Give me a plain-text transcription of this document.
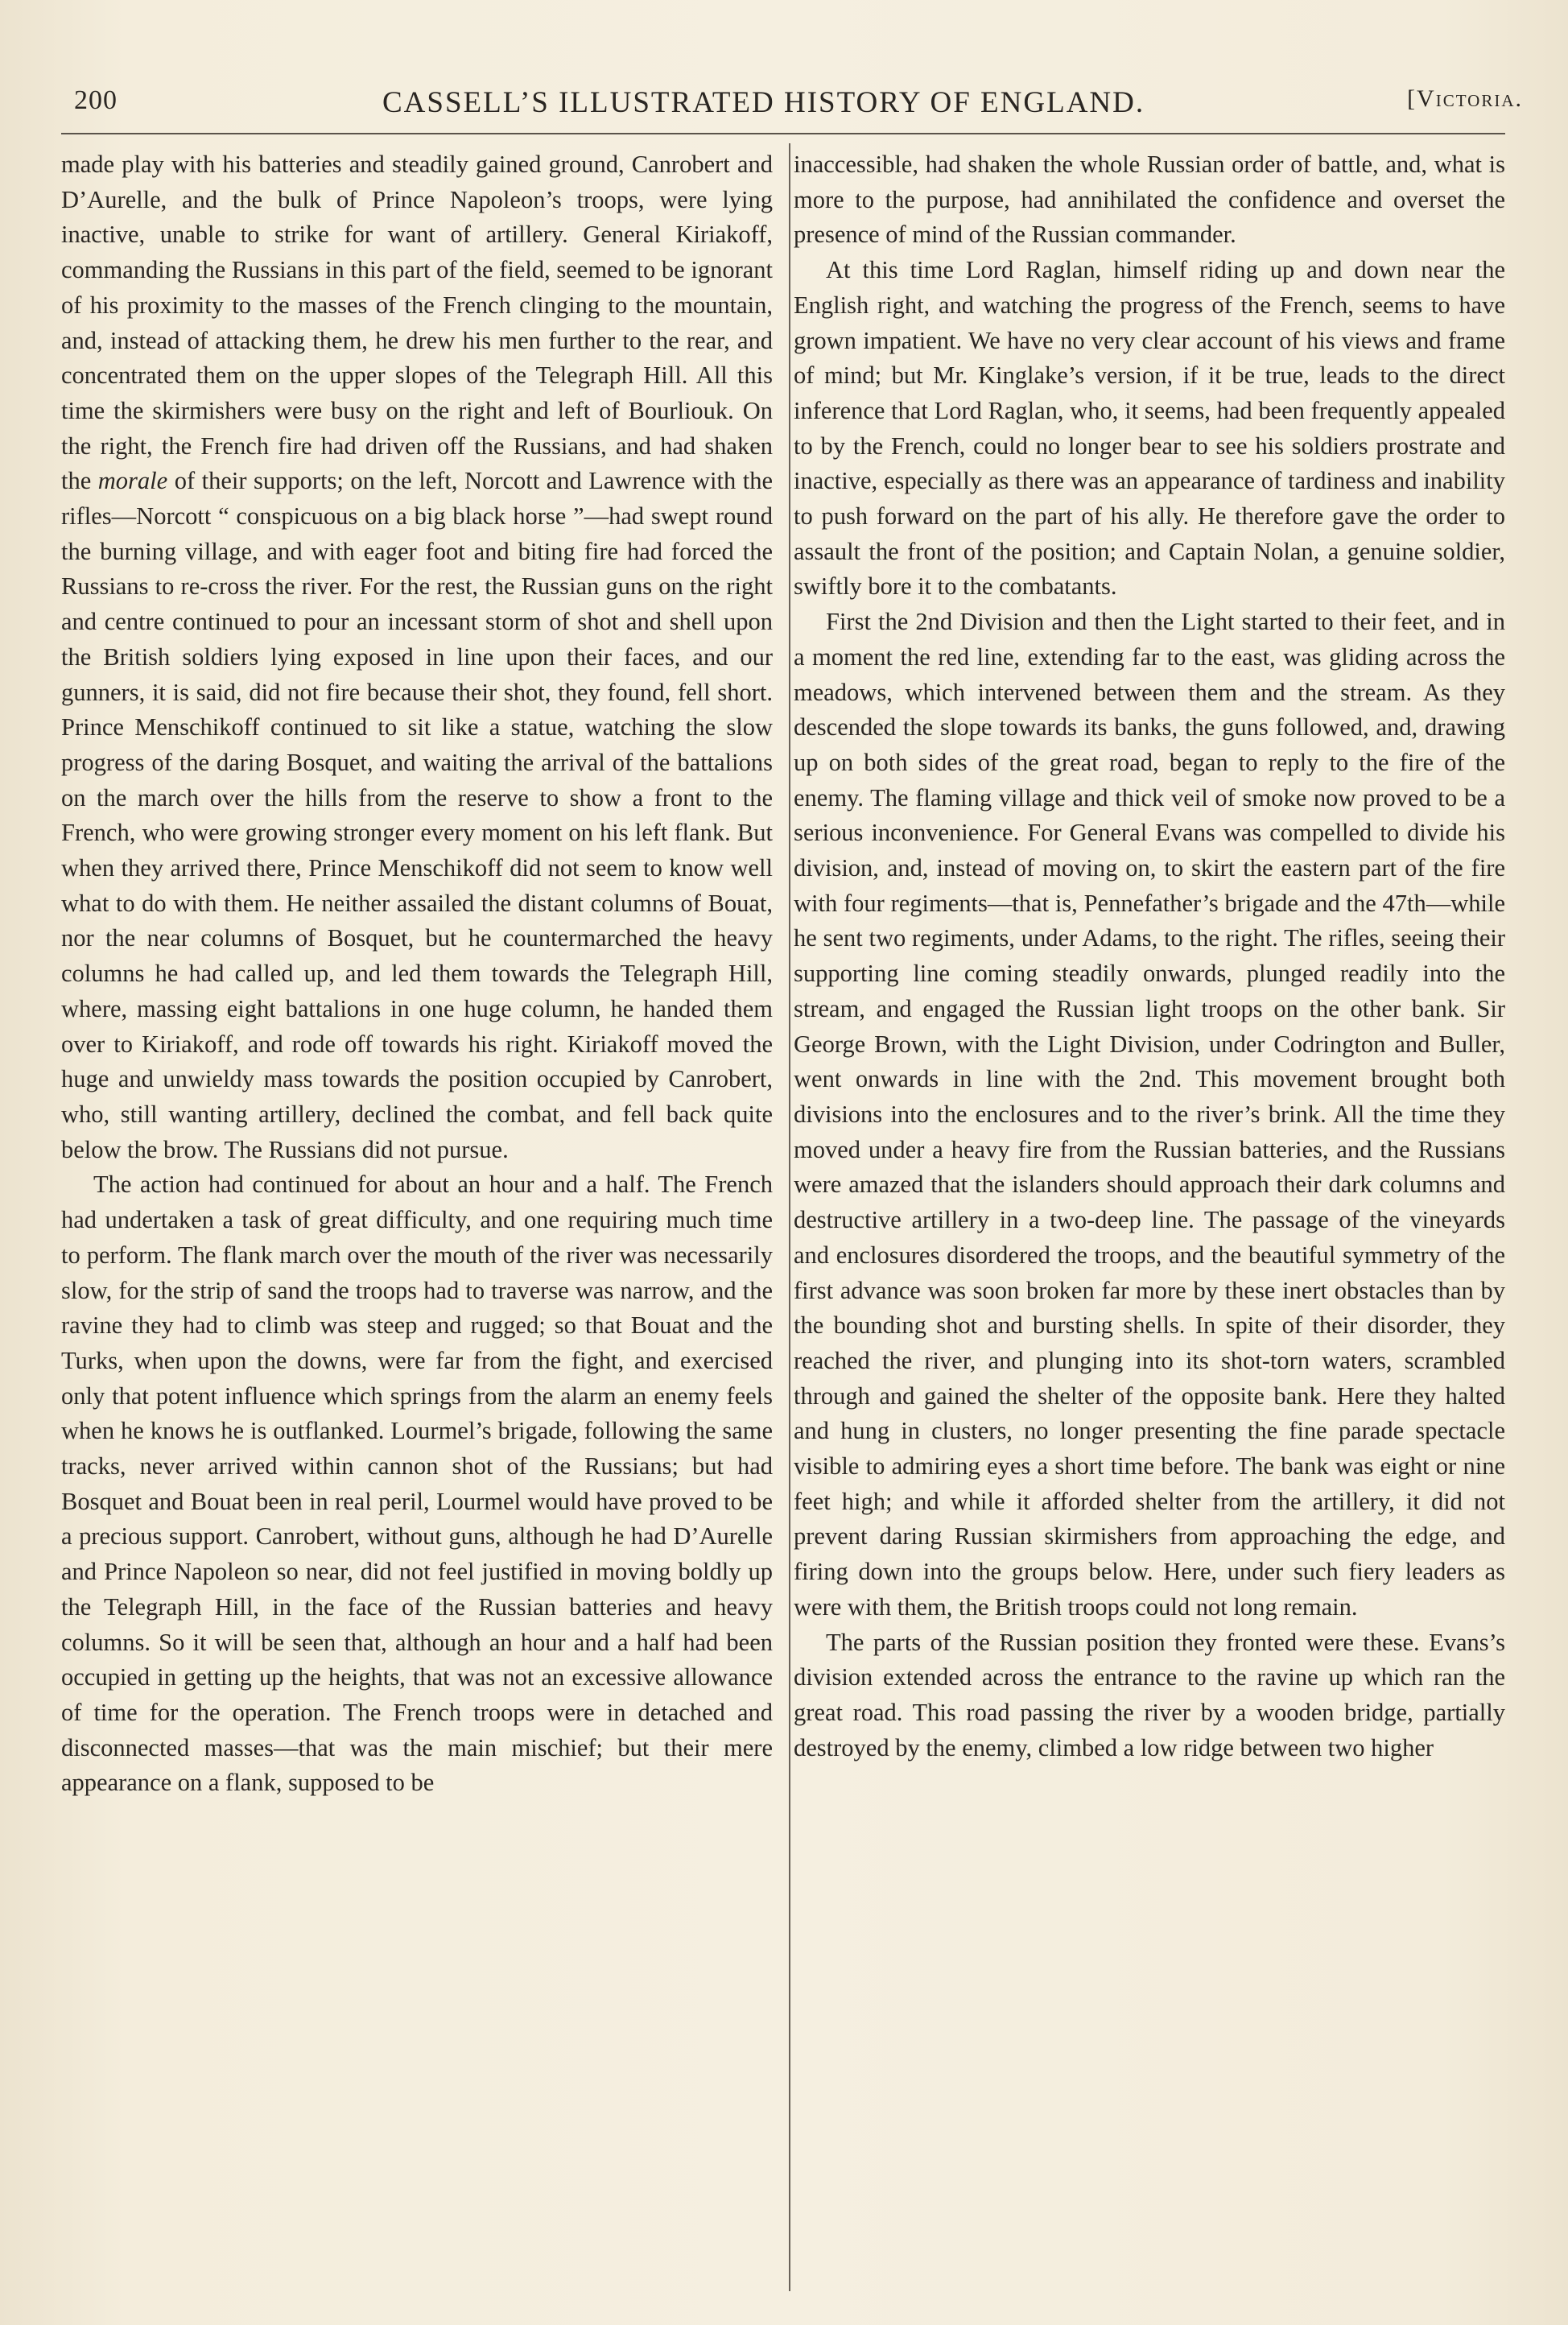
200	CASSELL’S ILLUSTRATED HISTORY OF ENGLAND.	[Victoria.

made play with his batteries and steadily gained ground, Canrobert and D’Aurelle, and the bulk of Prince Napoleon’s troops, were lying inactive, unable to strike for want of artillery. General Kiriakoff, commanding the Russians in this part of the field, seemed to be ignorant of his proximity to the masses of the French clinging to the mountain, and, instead of attacking them, he drew his men further to the rear, and concentrated them on the upper slopes of the Telegraph Hill. All this time the skirmishers were busy on the right and left of Bourliouk. On the right, the French fire had driven off the Russians, and had shaken the morale of their supports; on the left, Norcott and Lawrence with the rifles—Norcott “ conspicuous on a big black horse ”—had swept round the burning village, and with eager foot and biting fire had forced the Russians to re-cross the river. For the rest, the Russian guns on the right and centre continued to pour an incessant storm of shot and shell upon the British soldiers lying exposed in line upon their faces, and our gunners, it is said, did not fire because their shot, they found, fell short. Prince Menschikoff continued to sit like a statue, watching the slow progress of the daring Bosquet, and waiting the arrival of the battalions on the march over the hills from the reserve to show a front to the French, who were growing stronger every moment on his left flank. But when they arrived there, Prince Menschikoff did not seem to know well what to do with them. He neither assailed the distant columns of Bouat, nor the near columns of Bosquet, but he countermarched the heavy columns he had called up, and led them towards the Telegraph Hill, where, massing eight battalions in one huge column, he handed them over to Kiriakoff, and rode off towards his right. Kiriakoff moved the huge and unwieldy mass towards the position occupied by Canrobert, who, still wanting artillery, declined the combat, and fell back quite below the brow. The Russians did not pursue.

The action had continued for about an hour and a half. The French had undertaken a task of great difficulty, and one requiring much time to perform. The flank march over the mouth of the river was necessarily slow, for the strip of sand the troops had to traverse was narrow, and the ravine they had to climb was steep and rugged; so that Bouat and the Turks, when upon the downs, were far from the fight, and exercised only that potent influence which springs from the alarm an enemy feels when he knows he is outflanked. Lourmel’s brigade, following the same tracks, never arrived within cannon shot of the Russians; but had Bosquet and Bouat been in real peril, Lourmel would have proved to be a precious support. Canrobert, without guns, although he had D’Aurelle and Prince Napoleon so near, did not feel justified in moving boldly up the Telegraph Hill, in the face of the Russian batteries and heavy columns. So it will be seen that, although an hour and a half had been occupied in getting up the heights, that was not an excessive allowance of time for the operation. The French troops were in detached and disconnected masses—that was the main mischief; but their mere appearance on a flank, supposed to be

inaccessible, had shaken the whole Russian order of battle, and, what is more to the purpose, had annihilated the confidence and overset the presence of mind of the Russian commander.

At this time Lord Raglan, himself riding up and down near the English right, and watching the progress of the French, seems to have grown impatient. We have no very clear account of his views and frame of mind; but Mr. Kinglake’s version, if it be true, leads to the direct inference that Lord Raglan, who, it seems, had been frequently appealed to by the French, could no longer bear to see his soldiers prostrate and inactive, especially as there was an appearance of tardiness and inability to push forward on the part of his ally. He therefore gave the order to assault the front of the position; and Captain Nolan, a genuine soldier, swiftly bore it to the combatants.

First the 2nd Division and then the Light started to their feet, and in a moment the red line, extending far to the east, was gliding across the meadows, which intervened between them and the stream. As they descended the slope towards its banks, the guns followed, and, drawing up on both sides of the great road, began to reply to the fire of the enemy. The flaming village and thick veil of smoke now proved to be a serious inconvenience. For General Evans was compelled to divide his division, and, instead of moving on, to skirt the eastern part of the fire with four regiments—that is, Pennefather’s brigade and the 47th—while he sent two regiments, under Adams, to the right. The rifles, seeing their supporting line coming steadily onwards, plunged readily into the stream, and engaged the Russian light troops on the other bank. Sir George Brown, with the Light Division, under Codrington and Buller, went onwards in line with the 2nd. This movement brought both divisions into the enclosures and to the river’s brink. All the time they moved under a heavy fire from the Russian batteries, and the Russians were amazed that the islanders should approach their dark columns and destructive artillery in a two-deep line. The passage of the vineyards and enclosures disordered the troops, and the beautiful symmetry of the first advance was soon broken far more by these inert obstacles than by the bounding shot and bursting shells. In spite of their disorder, they reached the river, and plunging into its shot-torn waters, scrambled through and gained the shelter of the opposite bank. Here they halted and hung in clusters, no longer presenting the fine parade spectacle visible to admiring eyes a short time before. The bank was eight or nine feet high; and while it afforded shelter from the artillery, it did not prevent daring Russian skirmishers from approaching the edge, and firing down into the groups below. Here, under such fiery leaders as were with them, the British troops could not long remain.

The parts of the Russian position they fronted were these. Evans’s division extended across the entrance to the ravine up which ran the great road. This road passing the river by a wooden bridge, partially destroyed by the enemy, climbed a low ridge between two higher
